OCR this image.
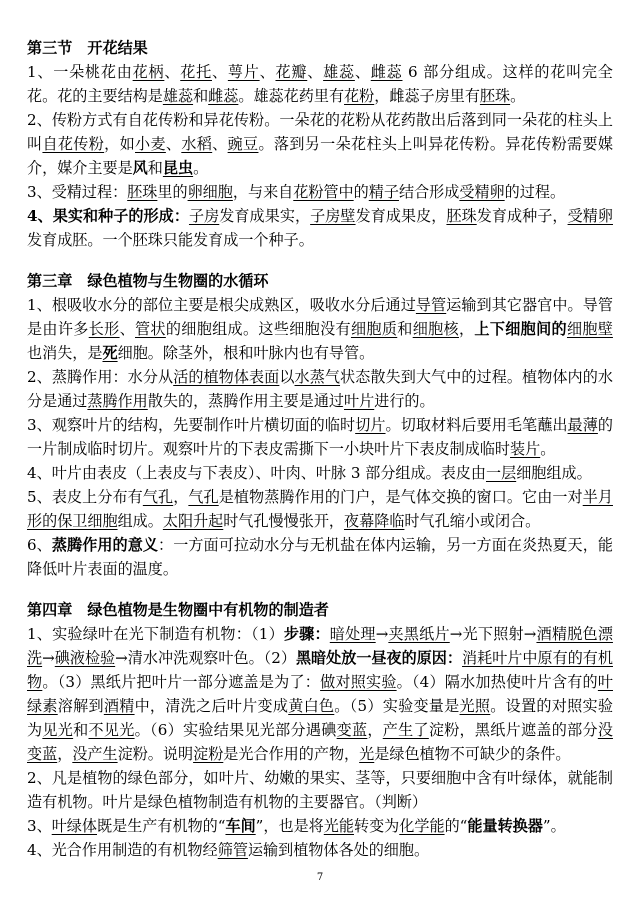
第三节　开花结果
1、一朵桃花由花柄、花托、萼片、花瓣、雄蕊、雌蕊 6 部分组成。这样的花叫完全花。花的主要结构是雄蕊和雌蕊。雄蕊花药里有花粉，雌蕊子房里有胚珠。
2、传粉方式有自花传粉和异花传粉。一朵花的花粉从花药散出后落到同一朵花的柱头上叫自花传粉，如小麦、水稻、豌豆。落到另一朵花柱头上叫异花传粉。异花传粉需要媒介，媒介主要是风和昆虫。
3、受精过程：胚珠里的卵细胞，与来自花粉管中的精子结合形成受精卵的过程。
4、果实和种子的形成：子房发育成果实，子房壁发育成果皮，胚珠发育成种子，受精卵发育成胚。一个胚珠只能发育成一个种子。
第三章　绿色植物与生物圈的水循环
1、根吸收水分的部位主要是根尖成熟区，吸收水分后通过导管运输到其它器官中。导管是由许多长形、管状的细胞组成。这些细胞没有细胞质和细胞核，上下细胞间的细胞壁也消失，是死细胞。除茎外，根和叶脉内也有导管。
2、蒸腾作用：水分从活的植物体表面以水蒸气状态散失到大气中的过程。植物体内的水分是通过蒸腾作用散失的，蒸腾作用主要是通过叶片进行的。
3、观察叶片的结构，先要制作叶片横切面的临时切片。切取材料后要用毛笔蘸出最薄的一片制成临时切片。观察叶片的下表皮需撕下一小块叶片下表皮制成临时装片。
4、叶片由表皮（上表皮与下表皮）、叶肉、叶脉 3 部分组成。表皮由一层细胞组成。
5、表皮上分布有气孔，气孔是植物蒸腾作用的门户，是气体交换的窗口。它由一对半月形的保卫细胞组成。太阳升起时气孔慢慢张开，夜幕降临时气孔缩小或闭合。
6、蒸腾作用的意义：一方面可拉动水分与无机盐在体内运输，另一方面在炎热夏天，能降低叶片表面的温度。
第四章　绿色植物是生物圈中有机物的制造者
1、实验绿叶在光下制造有机物：（1）步骤：暗处理→夹黑纸片→光下照射→酒精脱色漂洗→碘液检验→清水冲洗观察叶色。（2）黑暗处放一昼夜的原因：消耗叶片中原有的有机物。（3）黑纸片把叶片一部分遮盖是为了：做对照实验。（4）隔水加热使叶片含有的叶绿素溶解到酒精中，清洗之后叶片变成黄白色。（5）实验变量是光照。设置的对照实验为见光和不见光。（6）实验结果见光部分遇碘变蓝，产生了淀粉，黑纸片遮盖的部分没变蓝，没产生淀粉。说明淀粉是光合作用的产物，光是绿色植物不可缺少的条件。
2、凡是植物的绿色部分，如叶片、幼嫩的果实、茎等，只要细胞中含有叶绿体，就能制造有机物。叶片是绿色植物制造有机物的主要器官。（判断）
3、叶绿体既是生产有机物的“车间”，也是将光能转变为化学能的“能量转换器”。
4、光合作用制造的有机物经筛管运输到植物体各处的细胞。
7
